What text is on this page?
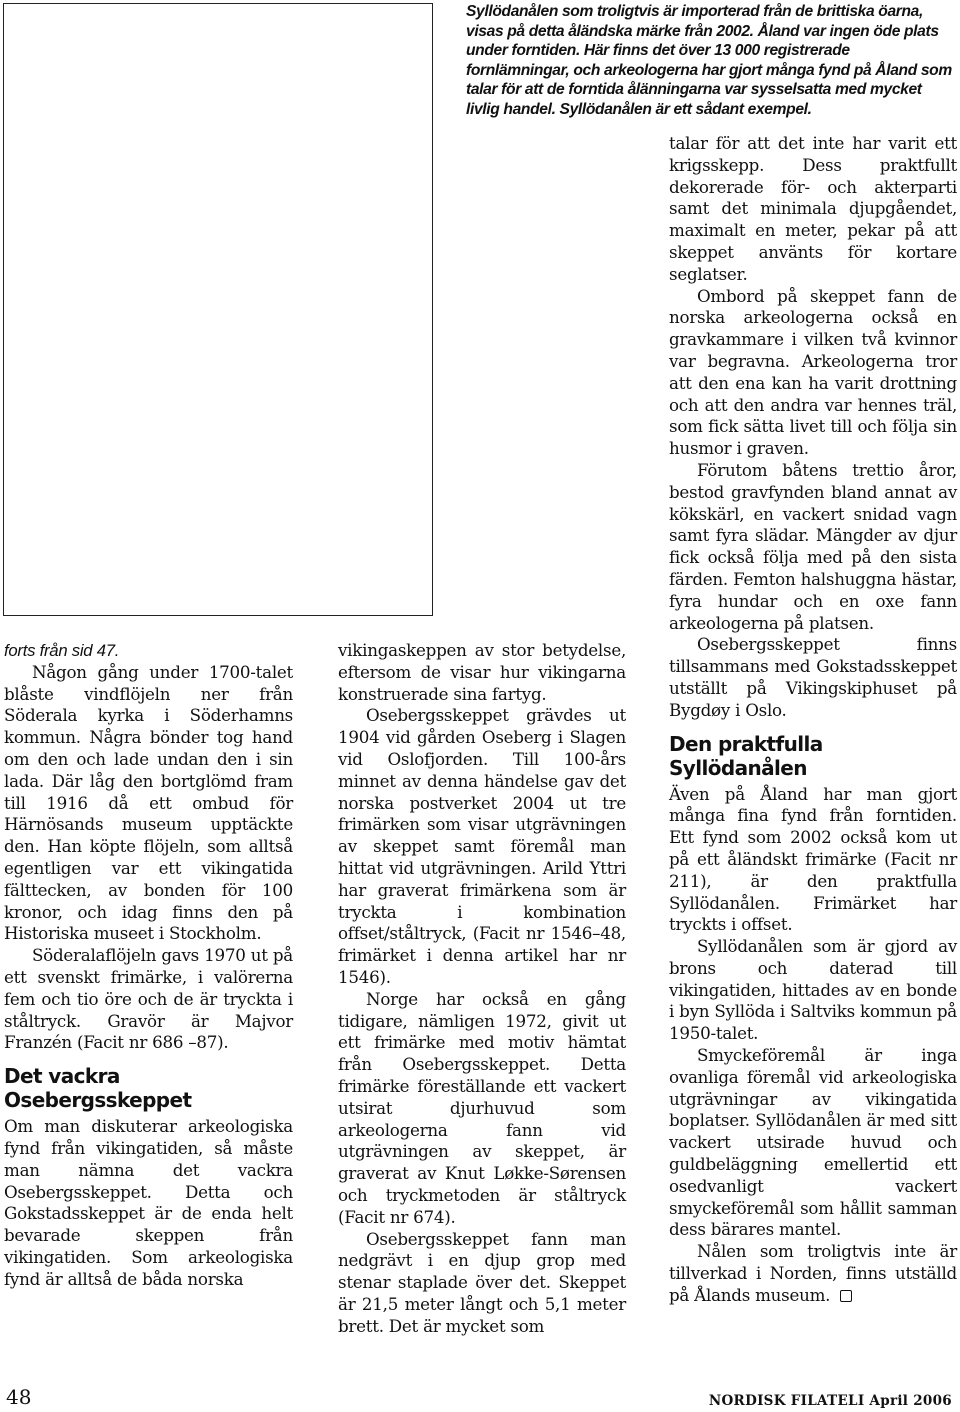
Syllödanålen som troligtvis är importerad från de brittiska öarna, visas på detta åländska märke från 2002. Åland var ingen öde plats under forntiden. Här finns det över 13 000 registrerade fornlämningar, och arkeologerna har gjort många fynd på Åland som talar för att de forntida ålänningarna var sysselsatta med mycket livlig handel. Syllödanålen är ett sådant exempel.

forts från sid 47.

Någon gång under 1700-talet blåste vindflöjeln ner från Söderala kyrka i Söderhamns kommun. Några bönder tog hand om den och lade undan den i sin lada. Där låg den bortglömd fram till 1916 då ett ombud för Härnösands museum upptäckte den. Han köpte flöjeln, som alltså egentligen var ett vikingatida fälttecken, av bonden för 100 kronor, och idag finns den på Historiska museet i Stockholm.

Söderalaflöjeln gavs 1970 ut på ett svenskt frimärke, i valörerna fem och tio öre och de är tryckta i ståltryck. Gravör är Majvor Franzén (Facit nr 686 –87).

Det vackra Osebergsskeppet

Om man diskuterar arkeologiska fynd från vikingatiden, så måste man nämna det vackra Osebergsskeppet. Detta och Gokstadsskeppet är de enda helt bevarade skeppen från vikingatiden. Som arkeologiska fynd är alltså de båda norska

vikingaskeppen av stor betydelse, eftersom de visar hur vikingarna konstruerade sina fartyg.

Osebergsskeppet grävdes ut 1904 vid gården Oseberg i Slagen vid Oslofjorden. Till 100-års minnet av denna händelse gav det norska postverket 2004 ut tre frimärken som visar utgrävningen av skeppet samt föremål man hittat vid utgrävningen. Arild Yttri har graverat frimärkena som är tryckta i kombination offset/ståltryck, (Facit nr 1546–48, frimärket i denna artikel har nr 1546).

Norge har också en gång tidigare, nämligen 1972, givit ut ett frimärke med motiv hämtat från Osebergsskeppet. Detta frimärke föreställande ett vackert utsirat djurhuvud som arkeologerna fann vid utgrävningen av skeppet, är graverat av Knut Løkke-Sørensen och tryckmetoden är ståltryck (Facit nr 674).

Osebergsskeppet fann man nedgrävt i en djup grop med stenar staplade över det. Skeppet är 21,5 meter långt och 5,1 meter brett. Det är mycket som

talar för att det inte har varit ett krigsskepp. Dess praktfullt dekorerade för- och akterparti samt det minimala djupgåendet, maximalt en meter, pekar på att skeppet använts för kortare seglatser.

Ombord på skeppet fann de norska arkeologerna också en gravkammare i vilken två kvinnor var begravna. Arkeologerna tror att den ena kan ha varit drottning och att den andra var hennes träl, som fick sätta livet till och följa sin husmor i graven.

Förutom båtens trettio åror, bestod gravfynden bland annat av kökskärl, en vackert snidad vagn samt fyra slädar. Mängder av djur fick också följa med på den sista färden. Femton halshuggna hästar, fyra hundar och en oxe fann arkeologerna på platsen.

Osebergsskeppet finns tillsammans med Gokstadsskeppet utställt på Vikingskiphuset på Bygdøy i Oslo.

Den praktfulla Syllödanålen

Även på Åland har man gjort många fina fynd från forntiden. Ett fynd som 2002 också kom ut på ett åländskt frimärke (Facit nr 211), är den praktfulla Syllödanålen. Frimärket har tryckts i offset.

Syllödanålen som är gjord av brons och daterad till vikingatiden, hittades av en bonde i byn Syllöda i Saltviks kommun på 1950-talet.

Smyckeföremål är inga ovanliga föremål vid arkeologiska utgrävningar av vikingatida boplatser. Syllödanålen är med sitt vackert utsirade huvud och guldbeläggning emellertid ett osedvanligt vackert smyckeföremål som hållit samman dess bärares mantel.

Nålen som troligtvis inte är tillverkad i Norden, finns utställd på Ålands museum.

48	NORDISK FILATELI April 2006
